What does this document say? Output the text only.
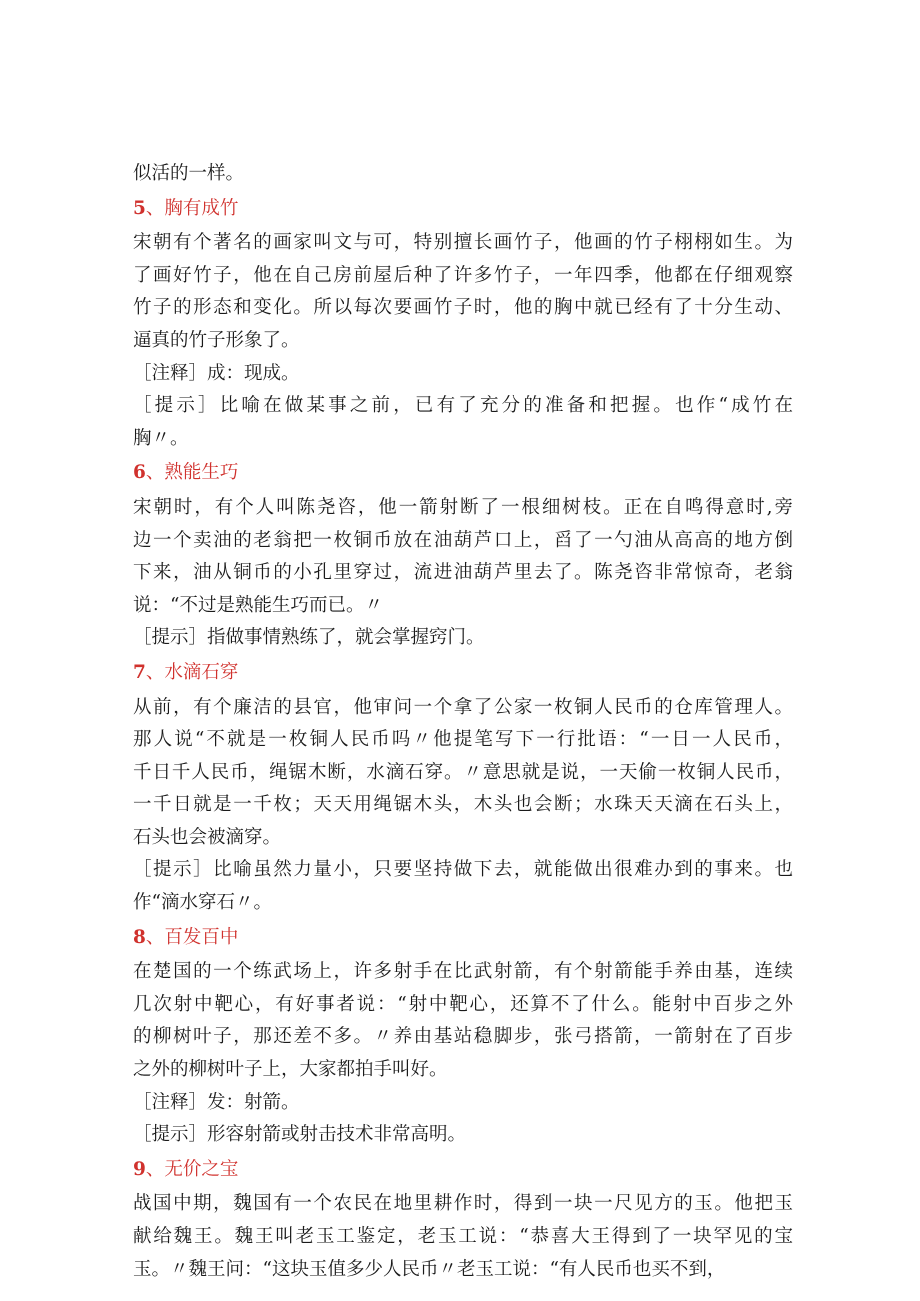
似活的一样。
5、胸有成竹
宋朝有个著名的画家叫文与可，特别擅长画竹子，他画的竹子栩栩如生。为
了画好竹子，他在自己房前屋后种了许多竹子，一年四季，他都在仔细观察
竹子的形态和变化。所以每次要画竹子时，他的胸中就已经有了十分生动、
逼真的竹子形象了。
［注释］成：现成。
［提示］比喻在做某事之前，已有了充分的准备和把握。也作“成竹在
胸〃。
6、熟能生巧
宋朝时，有个人叫陈尧咨，他一箭射断了一根细树枝。正在自鸣得意时,旁
边一个卖油的老翁把一枚铜币放在油葫芦口上，舀了一勺油从高高的地方倒
下来，油从铜币的小孔里穿过，流进油葫芦里去了。陈尧咨非常惊奇，老翁
说：“不过是熟能生巧而已。〃
［提示］指做事情熟练了，就会掌握窍门。
7、水滴石穿
从前，有个廉洁的县官，他审问一个拿了公家一枚铜人民币的仓库管理人。
那人说“不就是一枚铜人民币吗〃他提笔写下一行批语：“一日一人民币，
千日千人民币，绳锯木断，水滴石穿。〃意思就是说，一天偷一枚铜人民币，
一千日就是一千枚；天天用绳锯木头，木头也会断；水珠天天滴在石头上，
石头也会被滴穿。
［提示］比喻虽然力量小，只要坚持做下去，就能做出很难办到的事来。也
作“滴水穿石〃。
8、百发百中
在楚国的一个练武场上，许多射手在比武射箭，有个射箭能手养由基，连续
几次射中靶心，有好事者说：“射中靶心，还算不了什么。能射中百步之外
的柳树叶子，那还差不多。〃养由基站稳脚步，张弓搭箭，一箭射在了百步
之外的柳树叶子上，大家都拍手叫好。
［注释］发：射箭。
［提示］形容射箭或射击技术非常高明。
9、无价之宝
战国中期，魏国有一个农民在地里耕作时，得到一块一尺见方的玉。他把玉
献给魏王。魏王叫老玉工鉴定，老玉工说：“恭喜大王得到了一块罕见的宝
玉。〃魏王问：“这块玉值多少人民币〃老玉工说：“有人民币也买不到，
